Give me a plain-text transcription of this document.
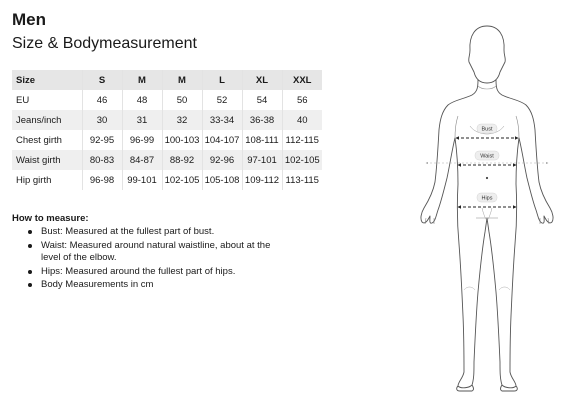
Men
Size & Bodymeasurement
Size	S	M	M	L	XL	XXL
EU	46	48	50	52	54	56
Jeans/inch	30	31	32	33-34	36-38	40
Chest girth	92-95	96-99	100-103	104-107	108-111	112-115
Waist girth	80-83	84-87	88-92	92-96	97-101	102-105
Hip girth	96-98	99-101	102-105	105-108	109-112	113-115
How to measure:
Bust: Measured at the fullest part of bust.
Waist: Measured around natural waistline, about at the level of the elbow.
Hips: Measured around the fullest part of hips.
Body Measurements in cm
Bust
Waist
Hips
